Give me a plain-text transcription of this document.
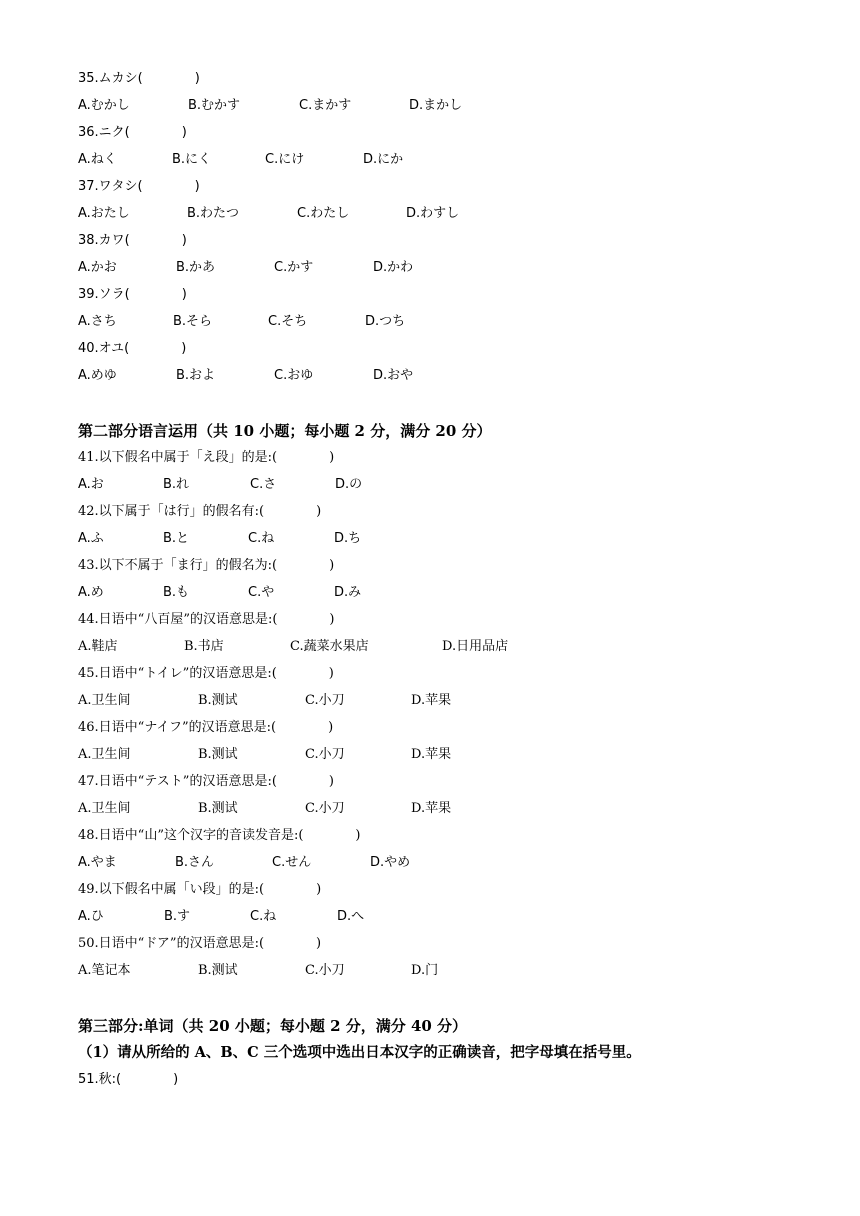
35.ムカシ(　　　　)
A.むかし	B.むかす	C.まかす	D.まかし
36.ニク(　　　　)
A.ねく	B.にく	C.にけ	D.にか
37.ワタシ(　　　　)
A.おたし	B.わたつ	C.わたし	D.わすし
38.カワ(　　　　)
A.かお	B.かあ	C.かす	D.かわ
39.ソラ(　　　　)
A.さち	B.そら	C.そち	D.つち
40.オユ(　　　　)
A.めゆ	B.およ	C.おゆ	D.おや
第二部分语言运用（共 10 小题；每小题 2 分，满分 20 分）
41.以下假名中属于「え段」的是:(　　　　)
A.お	B.れ	C.さ	D.の
42.以下属于「は行」的假名有:(　　　　)
A.ふ	B.と	C.ね	D.ち
43.以下不属于「ま行」的假名为:(　　　　)
A.め	B.も	C.や	D.み
44.日语中“八百屋”的汉语意思是:(　　　　)
A.鞋店	B.书店	C.蔬菜水果店	D.日用品店
45.日语中“トイレ”的汉语意思是:(　　　　)
A.卫生间	B.测试	C.小刀	D.苹果
46.日语中“ナイフ”的汉语意思是:(　　　　)
A.卫生间	B.测试	C.小刀	D.苹果
47.日语中“テスト”的汉语意思是:(　　　　)
A.卫生间	B.测试	C.小刀	D.苹果
48.日语中“山”这个汉字的音读发音是:(　　　　)
A.やま	B.さん	C.せん	D.やめ
49.以下假名中属「い段」的是:(　　　　)
A.ひ	B.す	C.ね	D.へ
50.日语中“ドア”的汉语意思是:(　　　　)
A.笔记本	B.测试	C.小刀	D.门
第三部分:单词（共 20 小题；每小题 2 分，满分 40 分）
（1）请从所给的 A、B、C 三个选项中选出日本汉字的正确读音，把字母填在括号里。
51.秋:(　　　　)
